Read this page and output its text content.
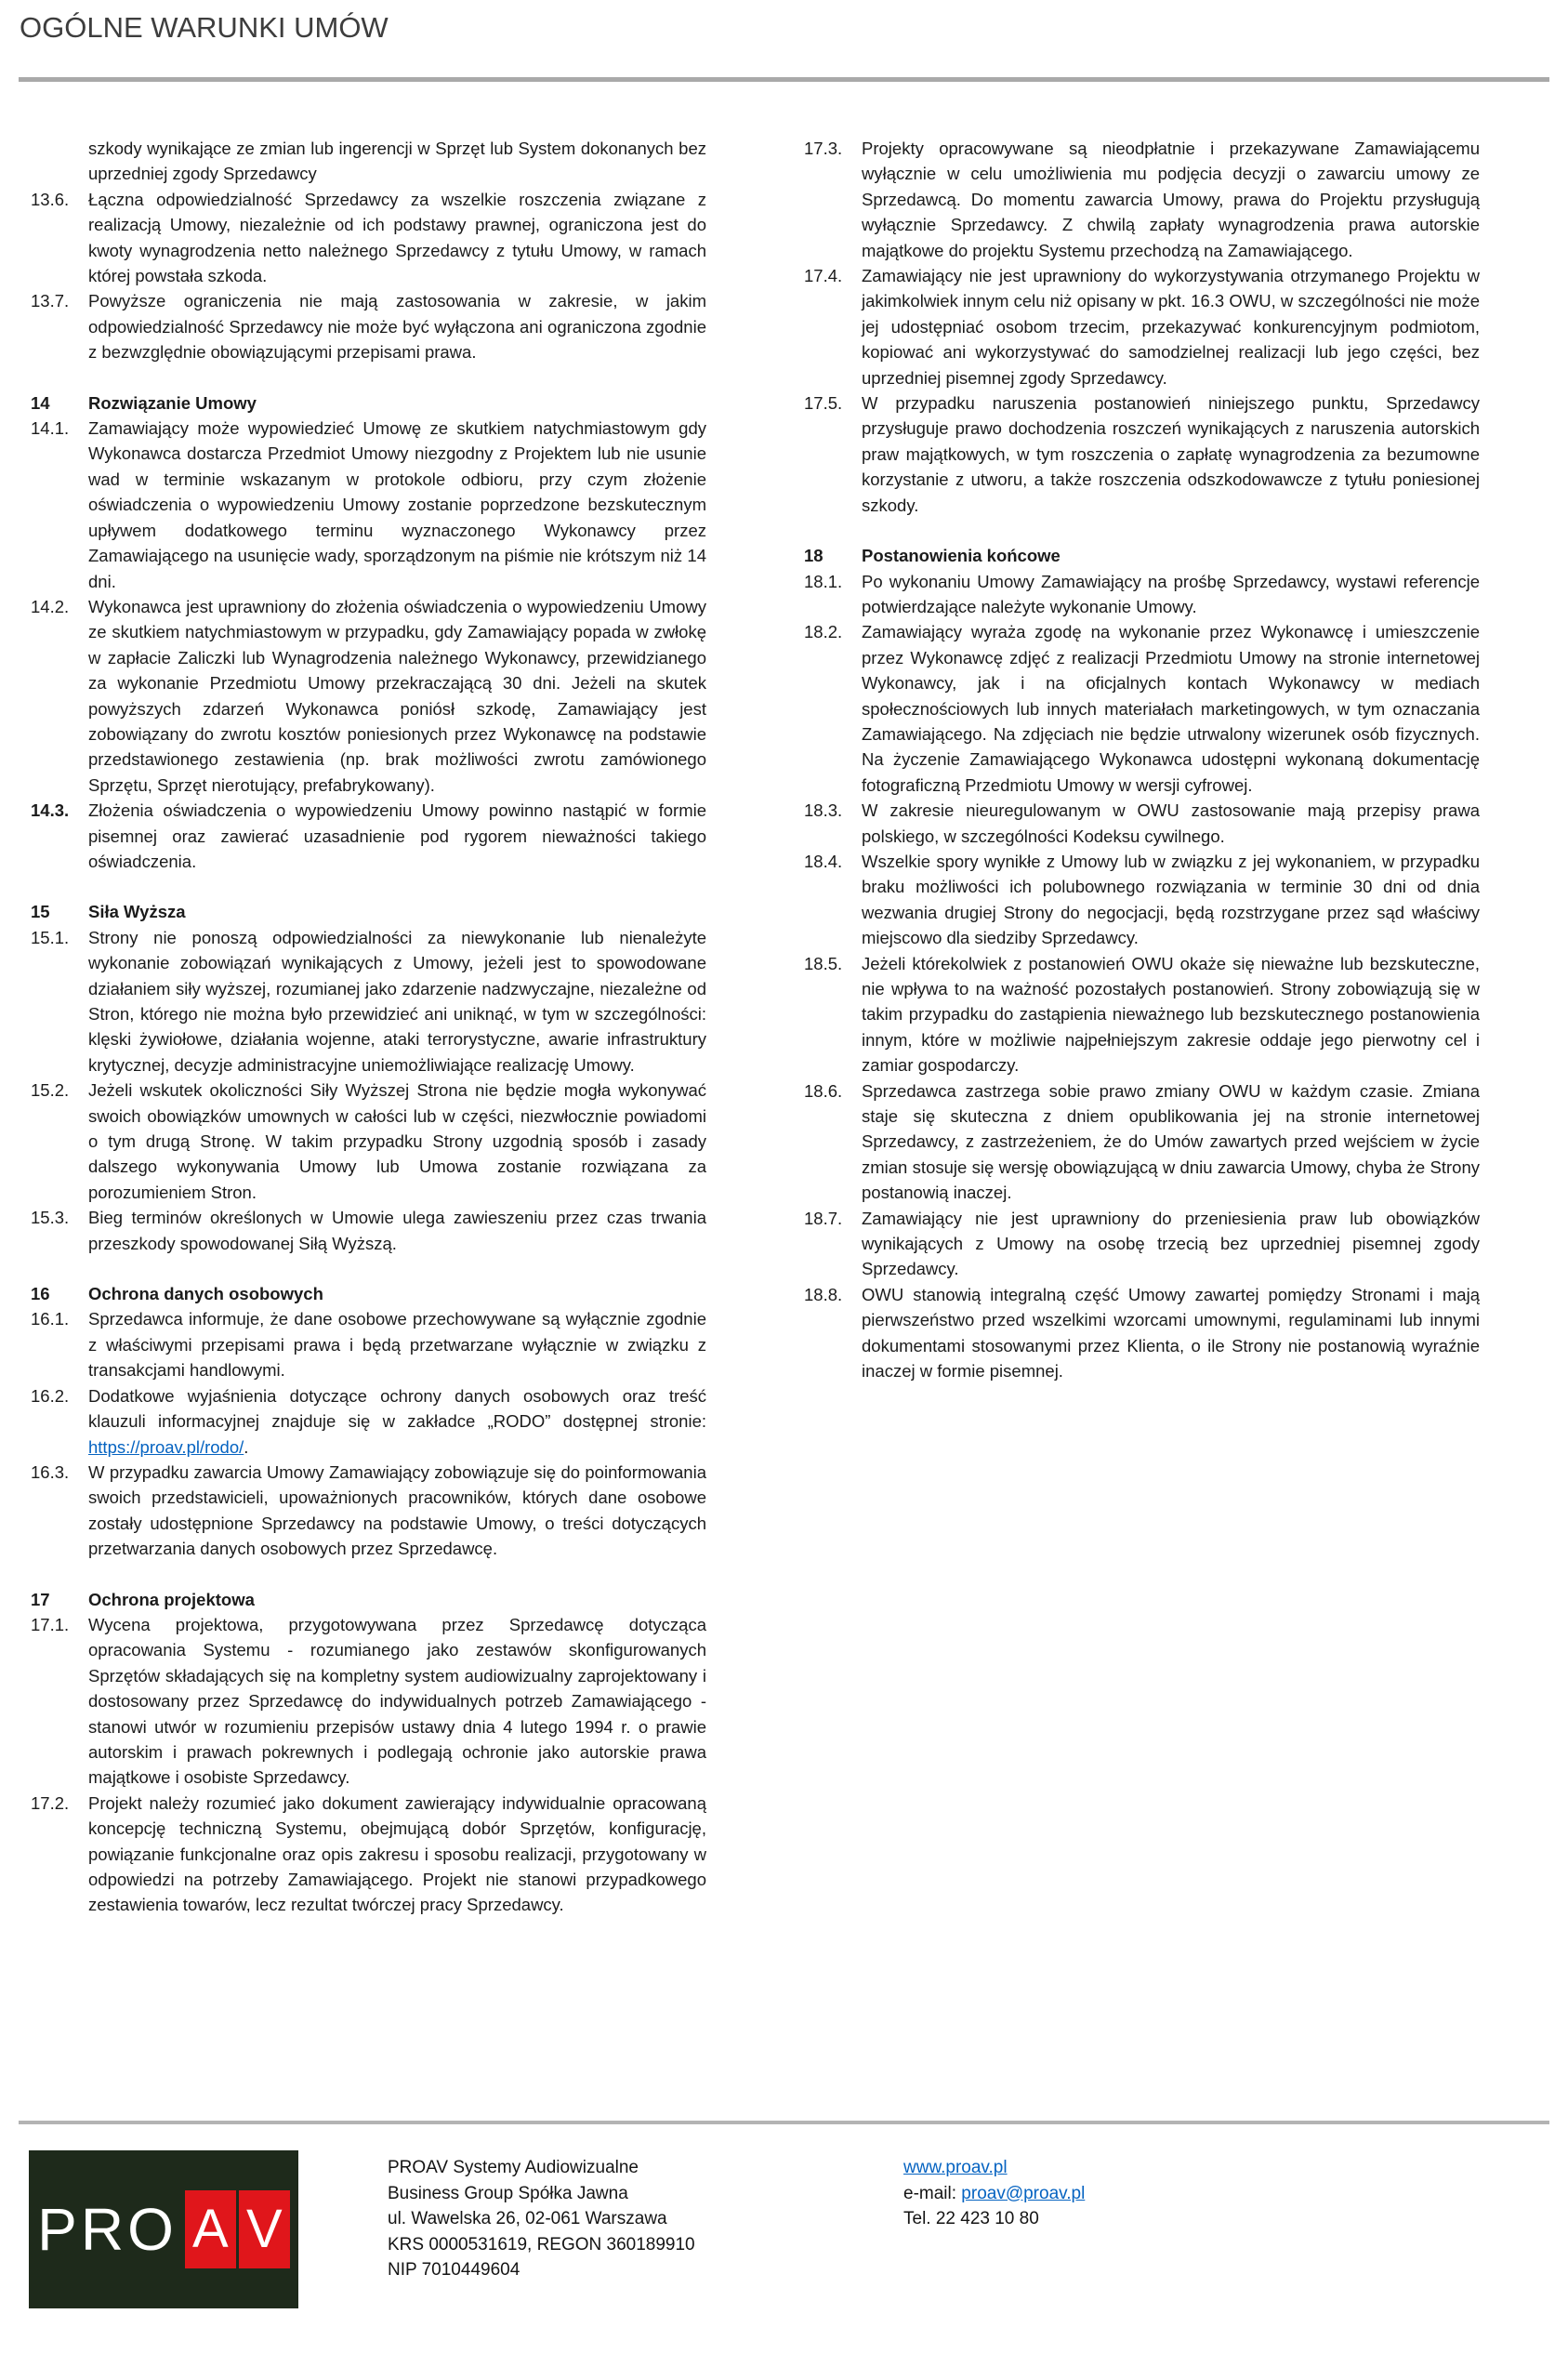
OGÓLNE WARUNKI UMÓW
szkody wynikające ze zmian lub ingerencji w Sprzęt lub System dokonanych bez uprzedniej zgody Sprzedawcy
13.6.	Łączna odpowiedzialność Sprzedawcy za wszelkie roszczenia związane z realizacją Umowy, niezależnie od ich podstawy prawnej, ograniczona jest do kwoty wynagrodzenia netto należnego Sprzedawcy z tytułu Umowy, w ramach której powstała szkoda.
13.7.	Powyższe ograniczenia nie mają zastosowania w zakresie, w jakim odpowiedzialność Sprzedawcy nie może być wyłączona ani ograniczona zgodnie z bezwzględnie obowiązującymi przepisami prawa.
14	Rozwiązanie Umowy
14.1.	Zamawiający może wypowiedzieć Umowę ze skutkiem natychmiastowym gdy Wykonawca dostarcza Przedmiot Umowy niezgodny z Projektem lub nie usunie wad w terminie wskazanym w protokole odbioru, przy czym złożenie oświadczenia o wypowiedzeniu Umowy zostanie poprzedzone bezskutecznym upływem dodatkowego terminu wyznaczonego Wykonawcy przez Zamawiającego na usunięcie wady, sporządzonym na piśmie nie krótszym niż 14 dni.
14.2.	Wykonawca jest uprawniony do złożenia oświadczenia o wypowiedzeniu Umowy ze skutkiem natychmiastowym w przypadku, gdy Zamawiający popada w zwłokę w zapłacie Zaliczki lub Wynagrodzenia należnego Wykonawcy, przewidzianego za wykonanie Przedmiotu Umowy przekraczającą 30 dni. Jeżeli na skutek powyższych zdarzeń Wykonawca poniósł szkodę, Zamawiający jest zobowiązany do zwrotu kosztów poniesionych przez Wykonawcę na podstawie przedstawionego zestawienia (np. brak możliwości zwrotu zamówionego Sprzętu, Sprzęt nierotujący, prefabrykowany).
14.3.	Złożenia oświadczenia o wypowiedzeniu Umowy powinno nastąpić w formie pisemnej oraz zawierać uzasadnienie pod rygorem nieważności takiego oświadczenia.
15	Siła Wyższa
15.1.	Strony nie ponoszą odpowiedzialności za niewykonanie lub nienależyte wykonanie zobowiązań wynikających z Umowy, jeżeli jest to spowodowane działaniem siły wyższej, rozumianej jako zdarzenie nadzwyczajne, niezależne od Stron, którego nie można było przewidzieć ani uniknąć, w tym w szczególności: klęski żywiołowe, działania wojenne, ataki terrorystyczne, awarie infrastruktury krytycznej, decyzje administracyjne uniemożliwiające realizację Umowy.
15.2.	Jeżeli wskutek okoliczności Siły Wyższej Strona nie będzie mogła wykonywać swoich obowiązków umownych w całości lub w części, niezwłocznie powiadomi o tym drugą Stronę. W takim przypadku Strony uzgodnią sposób i zasady dalszego wykonywania Umowy lub Umowa zostanie rozwiązana za porozumieniem Stron.
15.3.	Bieg terminów określonych w Umowie ulega zawieszeniu przez czas trwania przeszkody spowodowanej Siłą Wyższą.
16	Ochrona danych osobowych
16.1.	Sprzedawca informuje, że dane osobowe przechowywane są wyłącznie zgodnie z właściwymi przepisami prawa i będą przetwarzane wyłącznie w związku z transakcjami handlowymi.
16.2.	Dodatkowe wyjaśnienia dotyczące ochrony danych osobowych oraz treść klauzuli informacyjnej znajduje się w zakładce „RODO” dostępnej stronie: https://proav.pl/rodo/.
16.3.	W przypadku zawarcia Umowy Zamawiający zobowiązuje się do poinformowania swoich przedstawicieli, upoważnionych pracowników, których dane osobowe zostały udostępnione Sprzedawcy na podstawie Umowy, o treści dotyczących przetwarzania danych osobowych przez Sprzedawcę.
17	Ochrona projektowa
17.1.	Wycena projektowa, przygotowywana przez Sprzedawcę dotycząca opracowania Systemu - rozumianego jako zestawów skonfigurowanych Sprzętów składających się na kompletny system audiowizualny zaprojektowany i dostosowany przez Sprzedawcę do indywidualnych potrzeb Zamawiającego - stanowi utwór w rozumieniu przepisów ustawy dnia 4 lutego 1994 r. o prawie autorskim i prawach pokrewnych i podlegają ochronie jako autorskie prawa majątkowe i osobiste Sprzedawcy.
17.2.	Projekt należy rozumieć jako dokument zawierający indywidualnie opracowaną koncepcję techniczną Systemu, obejmującą dobór Sprzętów, konfigurację, powiązanie funkcjonalne oraz opis zakresu i sposobu realizacji, przygotowany w odpowiedzi na potrzeby Zamawiającego. Projekt nie stanowi przypadkowego zestawienia towarów, lecz rezultat twórczej pracy Sprzedawcy.
17.3.	Projekty opracowywane są nieodpłatnie i przekazywane Zamawiającemu wyłącznie w celu umożliwienia mu podjęcia decyzji o zawarciu umowy ze Sprzedawcą. Do momentu zawarcia Umowy, prawa do Projektu przysługują wyłącznie Sprzedawcy. Z chwilą zapłaty wynagrodzenia prawa autorskie majątkowe do projektu Systemu przechodzą na Zamawiającego.
17.4.	Zamawiający nie jest uprawniony do wykorzystywania otrzymanego Projektu w jakimkolwiek innym celu niż opisany w pkt. 16.3 OWU, w szczególności nie może jej udostępniać osobom trzecim, przekazywać konkurencyjnym podmiotom, kopiować ani wykorzystywać do samodzielnej realizacji lub jego części, bez uprzedniej pisemnej zgody Sprzedawcy.
17.5.	W przypadku naruszenia postanowień niniejszego punktu, Sprzedawcy przysługuje prawo dochodzenia roszczeń wynikających z naruszenia autorskich praw majątkowych, w tym roszczenia o zapłatę wynagrodzenia za bezumowne korzystanie z utworu, a także roszczenia odszkodowawcze z tytułu poniesionej szkody.
18	Postanowienia końcowe
18.1.	Po wykonaniu Umowy Zamawiający na prośbę Sprzedawcy, wystawi referencje potwierdzające należyte wykonanie Umowy.
18.2.	Zamawiający wyraża zgodę na wykonanie przez Wykonawcę i umieszczenie przez Wykonawcę zdjęć z realizacji Przedmiotu Umowy na stronie internetowej Wykonawcy, jak i na oficjalnych kontach Wykonawcy w mediach społecznościowych lub innych materiałach marketingowych, w tym oznaczania Zamawiającego. Na zdjęciach nie będzie utrwalony wizerunek osób fizycznych. Na życzenie Zamawiającego Wykonawca udostępni wykonaną dokumentację fotograficzną Przedmiotu Umowy w wersji cyfrowej.
18.3.	W zakresie nieuregulowanym w OWU zastosowanie mają przepisy prawa polskiego, w szczególności Kodeksu cywilnego.
18.4.	Wszelkie spory wynikłe z Umowy lub w związku z jej wykonaniem, w przypadku braku możliwości ich polubownego rozwiązania w terminie 30 dni od dnia wezwania drugiej Strony do negocjacji, będą rozstrzygane przez sąd właściwy miejscowo dla siedziby Sprzedawcy.
18.5.	Jeżeli którekolwiek z postanowień OWU okaże się nieważne lub bezskuteczne, nie wpływa to na ważność pozostałych postanowień. Strony zobowiązują się w takim przypadku do zastąpienia nieważnego lub bezskutecznego postanowienia innym, które w możliwie najpełniejszym zakresie oddaje jego pierwotny cel i zamiar gospodarczy.
18.6.	Sprzedawca zastrzega sobie prawo zmiany OWU w każdym czasie. Zmiana staje się skuteczna z dniem opublikowania jej na stronie internetowej Sprzedawcy, z zastrzeżeniem, że do Umów zawartych przed wejściem w życie zmian stosuje się wersję obowiązującą w dniu zawarcia Umowy, chyba że Strony postanowią inaczej.
18.7.	Zamawiający nie jest uprawniony do przeniesienia praw lub obowiązków wynikających z Umowy na osobę trzecią bez uprzedniej pisemnej zgody Sprzedawcy.
18.8.	OWU stanowią integralną część Umowy zawartej pomiędzy Stronami i mają pierwszeństwo przed wszelkimi wzorcami umownymi, regulaminami lub innymi dokumentami stosowanymi przez Klienta, o ile Strony nie postanowią wyraźnie inaczej w formie pisemnej.
PRO A V
PROAV Systemy Audiowizualne
Business Group Spółka Jawna
ul. Wawelska 26, 02-061 Warszawa
KRS 0000531619, REGON 360189910
NIP 7010449604
www.proav.pl
e-mail: proav@proav.pl
Tel. 22 423 10 80
